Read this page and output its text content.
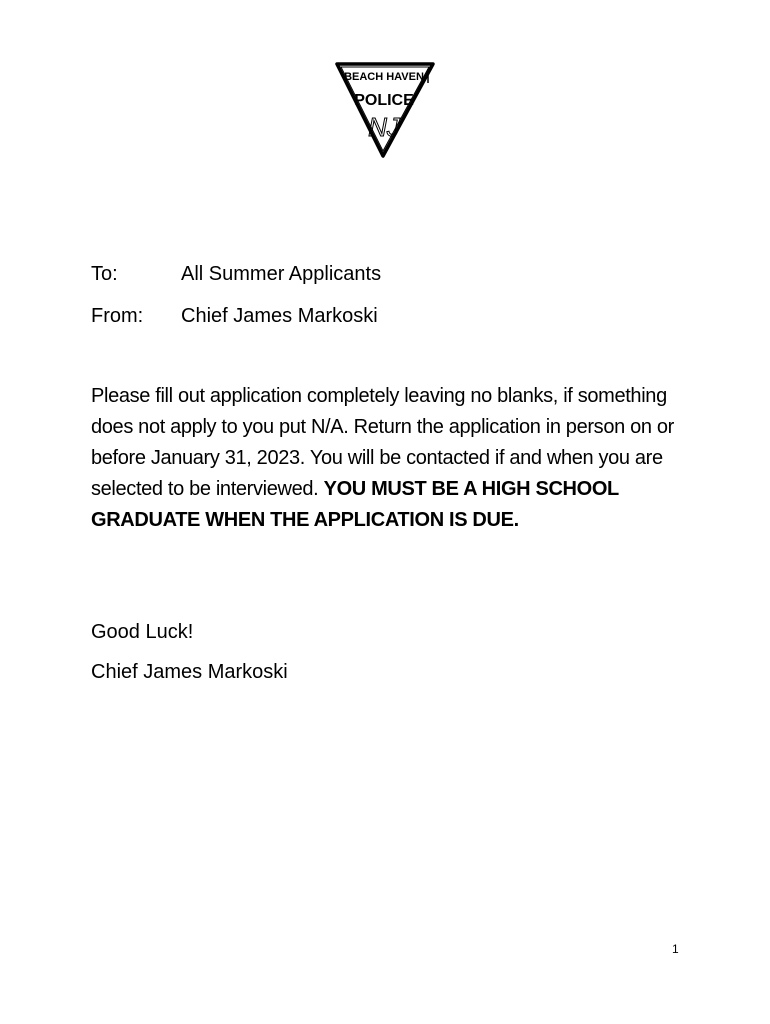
BEACH HAVEN
POLICE
NJ
To:	All Summer Applicants
From: Chief James Markoski
Please fill out application completely leaving no blanks, if something does not apply to you put N/A. Return the application in person on or before January 31, 2023. You will be contacted if and when you are selected to be interviewed. YOU MUST BE A HIGH SCHOOL GRADUATE WHEN THE APPLICATION IS DUE.
Good Luck!
Chief James Markoski
1
